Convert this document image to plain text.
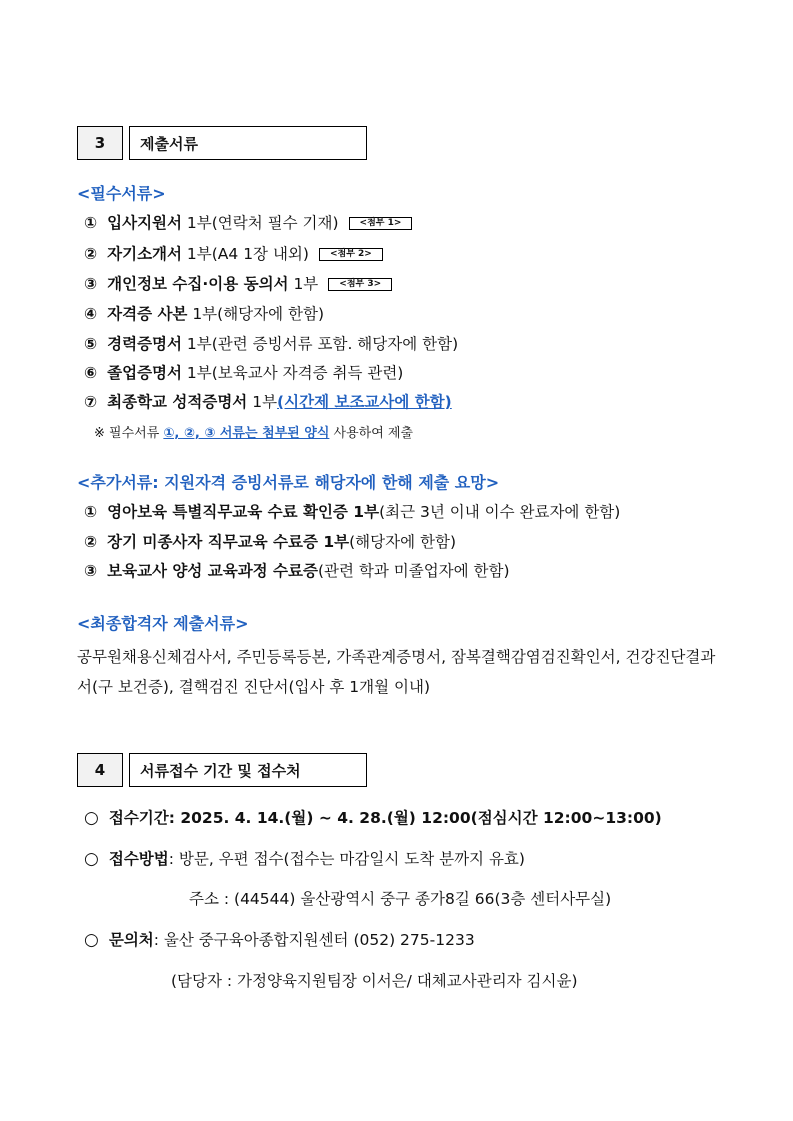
3	제출서류
<필수서류>
① 입사지원서 1부(연락처 필수 기재) <첨부 1>
② 자기소개서 1부(A4 1장 내외) <첨부 2>
③ 개인정보 수집·이용 동의서 1부 <첨부 3>
④ 자격증 사본 1부(해당자에 한함)
⑤ 경력증명서 1부(관련 증빙서류 포함. 해당자에 한함)
⑥ 졸업증명서 1부(보육교사 자격증 취득 관련)
⑦ 최종학교 성적증명서 1부(시간제 보조교사에 한함)
※ 필수서류 ①, ②, ③ 서류는 첨부된 양식 사용하여 제출
<추가서류: 지원자격 증빙서류로 해당자에 한해 제출 요망>
① 영아보육 특별직무교육 수료 확인증 1부(최근 3년 이내 이수 완료자에 한함)
② 장기 미종사자 직무교육 수료증 1부(해당자에 한함)
③ 보육교사 양성 교육과정 수료증(관련 학과 미졸업자에 한함)
<최종합격자 제출서류>
공무원채용신체검사서, 주민등록등본, 가족관계증명서, 잠복결핵감염검진확인서, 건강진단결과서(구 보건증), 결핵검진 진단서(입사 후 1개월 이내)
4	서류접수 기간 및 접수처
○ 접수기간: 2025. 4. 14.(월) ~ 4. 28.(월) 12:00(점심시간 12:00~13:00)
○ 접수방법: 방문, 우편 접수(접수는 마감일시 도착 분까지 유효)
주소 : (44544) 울산광역시 중구 종가8길 66(3층 센터사무실)
○ 문의처: 울산 중구육아종합지원센터 (052) 275-1233
(담당자 : 가정양육지원팀장 이서은/ 대체교사관리자 김시윤)
